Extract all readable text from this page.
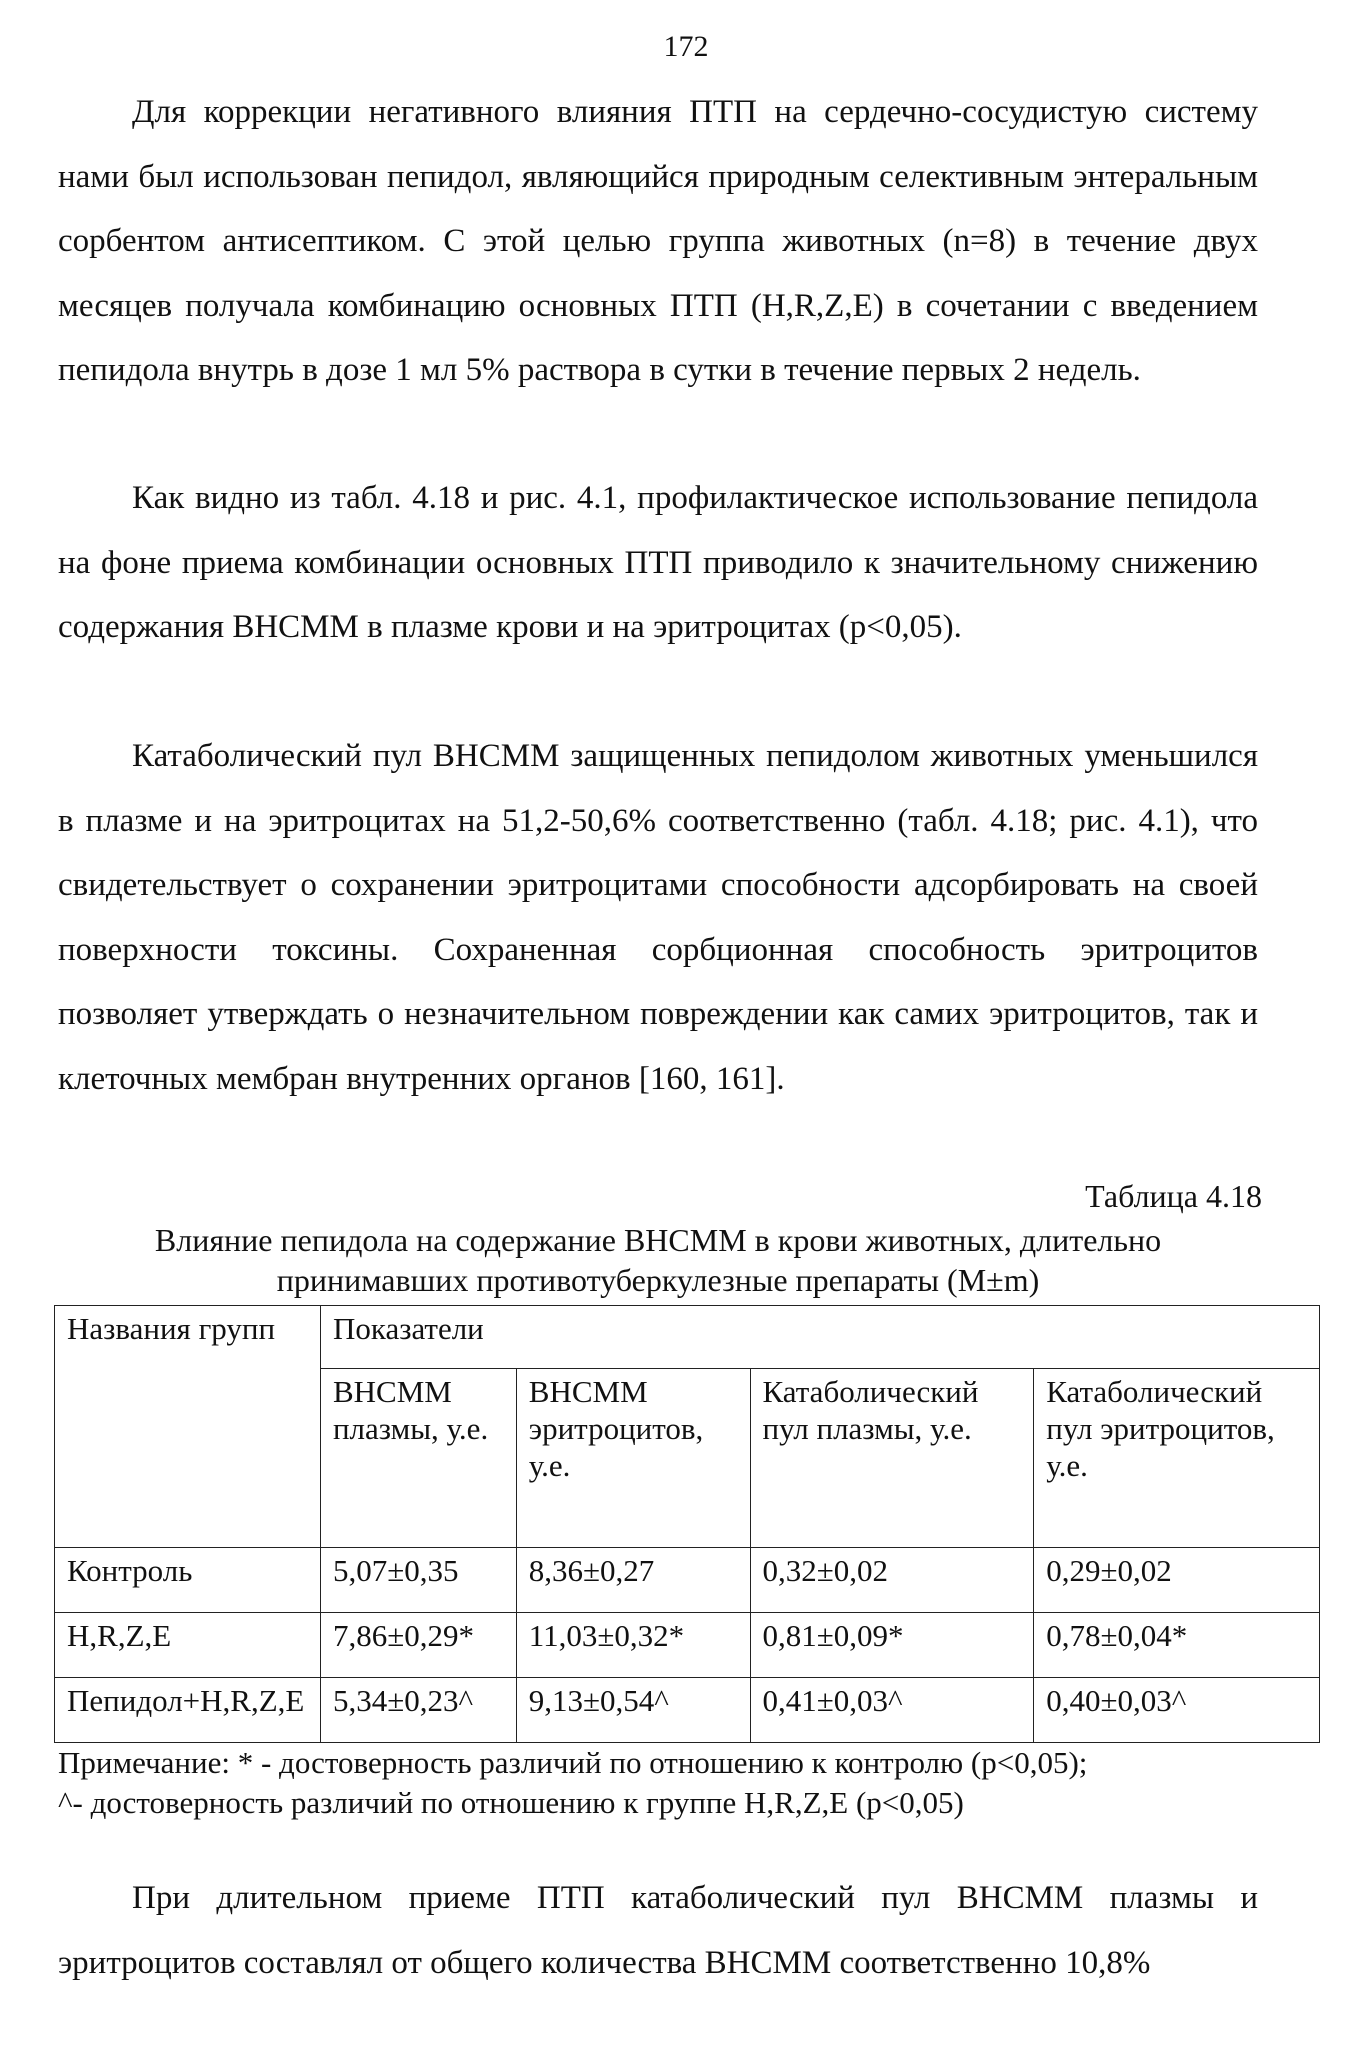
172

Для коррекции негативного влияния ПТП на сердечно-сосудистую систему нами был использован пепидол, являющийся природным селективным энтеральным сорбентом антисептиком. С этой целью группа животных (n=8) в течение двух месяцев получала комбинацию основных ПТП (H,R,Z,E) в сочетании с введением пепидола внутрь в дозе 1 мл 5% раствора в сутки в течение первых 2 недель.

Как видно из табл. 4.18 и рис. 4.1, профилактическое использование пепидола на фоне приема комбинации основных ПТП приводило к значительному снижению содержания ВНСММ в плазме крови и на эритроцитах (p<0,05).

Катаболический пул ВНСММ защищенных пепидолом животных уменьшился в плазме и на эритроцитах на 51,2-50,6% соответственно (табл. 4.18; рис. 4.1), что свидетельствует о сохранении эритроцитами способности адсорбировать на своей поверхности токсины. Сохраненная сорбционная способность эритроцитов позволяет утверждать о незначительном повреждении как самих эритроцитов, так и клеточных мембран внутренних органов [160, 161].

Таблица 4.18
Влияние пепидола на содержание ВНСММ в крови животных, длительно принимавших противотуберкулезные препараты (M±m)
Названия групп	Показатели			
	ВНСММ плазмы, у.е.	ВНСММ эритроцитов, у.е.	Катаболический пул плазмы, у.е.	Катаболический пул эритроцитов, у.е.
Контроль	5,07±0,35	8,36±0,27	0,32±0,02	0,29±0,02
H,R,Z,E	7,86±0,29*	11,03±0,32*	0,81±0,09*	0,78±0,04*
Пепидол+H,R,Z,E	5,34±0,23^	9,13±0,54^	0,41±0,03^	0,40±0,03^
Примечание: * - достоверность различий по отношению к контролю (p<0,05);
^- достоверность различий по отношению к группе H,R,Z,E (p<0,05)

При длительном приеме ПТП катаболический пул ВНСММ плазмы и эритроцитов составлял от общего количества ВНСММ соответственно 10,8%
